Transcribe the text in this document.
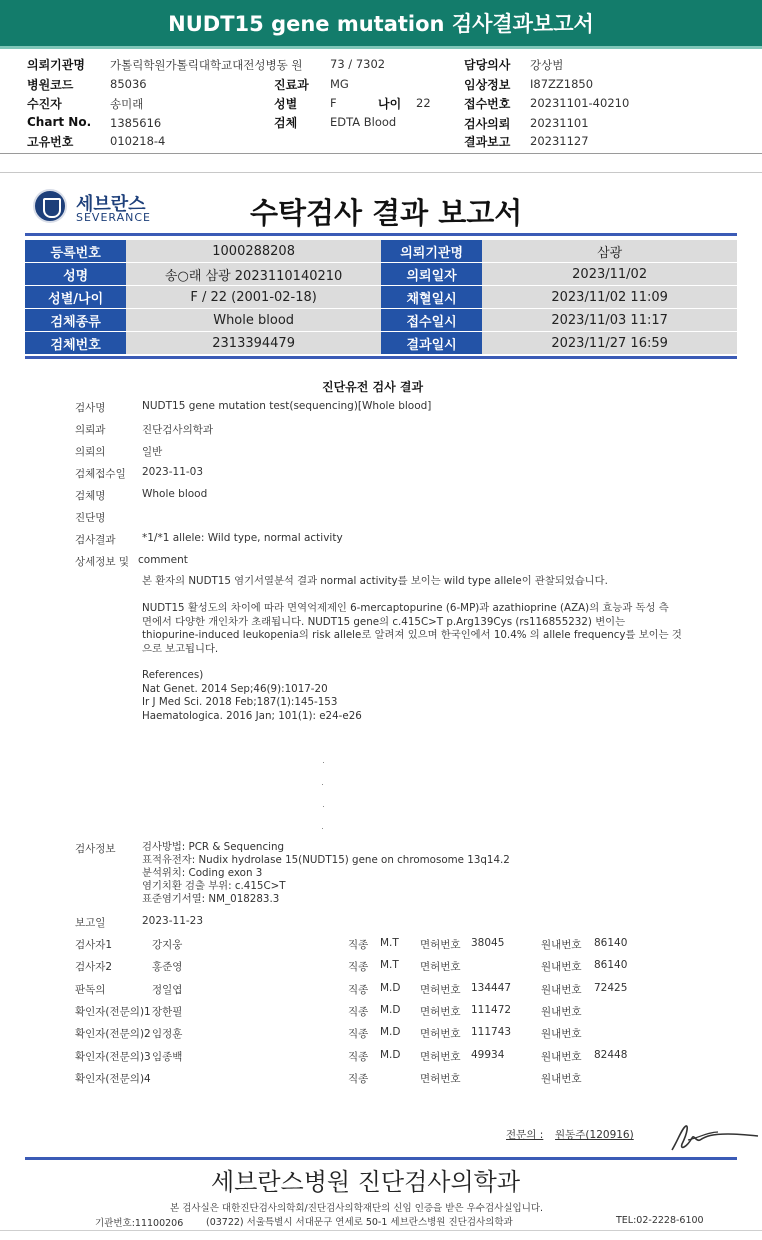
NUDT15 gene mutation 검사결과보고서
의뢰기관명 가톨릭학원가톨릭대학교대전성병동 원 73 / 7302	담당의사 강상범
병원코드	85036	진료과 MG	임상정보 I87ZZ1850
수진자	송미래	성별	F	나이 22	접수번호 20231101-40210
Chart No. 1385616	검체	EDTA Blood	검사의뢰 20231101
고유번호	010218-4	결과보고 20231127
세브란스
SEVERANCE	수탁검사 결과 보고서
등록번호	1000288208	의뢰기관명	삼광
성명	송○래 삼광 2023110140210	의뢰일자	2023/11/02
성별/나이	F / 22 (2001-02-18)	채혈일시	2023/11/02 11:09
검체종류	Whole blood	접수일시	2023/11/03 11:17
검체번호	2313394479	결과일시	2023/11/27 16:59
진단유전 검사 결과
검사명	NUDT15 gene mutation test(sequencing)[Whole blood]
의뢰과	진단검사의학과
의뢰의	일반
검체접수일 2023-11-03
검체명	Whole blood
진단명
검사결과	*1/*1 allele: Wild type, normal activity
상세정보 및 comment
본 환자의 NUDT15 염기서열분석 결과 normal activity를 보이는 wild type allele이 관찰되었습니다.
NUDT15 활성도의 차이에 따라 면역억제제인 6-mercaptopurine (6-MP)과 azathioprine (AZA)의 효능과 독성 측
면에서 다양한 개인차가 초래됩니다. NUDT15 gene의 c.415C>T p.Arg139Cys (rs116855232) 변이는
thiopurine-induced leukopenia의 risk allele로 알려져 있으며 한국인에서 10.4% 의 allele frequency를 보이는 것
으로 보고됩니다.
References)
Nat Genet. 2014 Sep;46(9):1017-20
Ir J Med Sci. 2018 Feb;187(1):145-153
Haematologica. 2016 Jan; 101(1): e24-e26
검사정보	검사방법: PCR & Sequencing
표적유전자: Nudix hydrolase 15(NUDT15) gene on chromosome 13q14.2
분석위치: Coding exon 3
염기치환 검출 부위: c.415C>T
표준염기서열: NM_018283.3
보고일	2023-11-23
검사자1	강지웅	직종 M.T 면허번호 38045	원내번호 86140
검사자2	홍준영	직종 M.T 면허번호	원내번호 86140
판독의	정일엽	직종 M.D 면허번호 134447	원내번호 72425
확인자(전문의)1 장한필	직종 M.D 면허번호 111472	원내번호
확인자(전문의)2 임정훈	직종 M.D 면허번호 111743	원내번호
확인자(전문의)3 임종백	직종 M.D 면허번호 49934	원내번호 82448
확인자(전문의)4	직종	면허번호	원내번호
전문의 : 원동주(120916)
세브란스병원 진단검사의학과
본 검사실은 대한진단검사의학회/진단검사의학재단의 신임 인증을 받은 우수검사실입니다.
기관번호:11100206 (03722) 서울특별시 서대문구 연세로 50-1 세브란스병원 진단검사의학과	TEL:02-2228-6100
